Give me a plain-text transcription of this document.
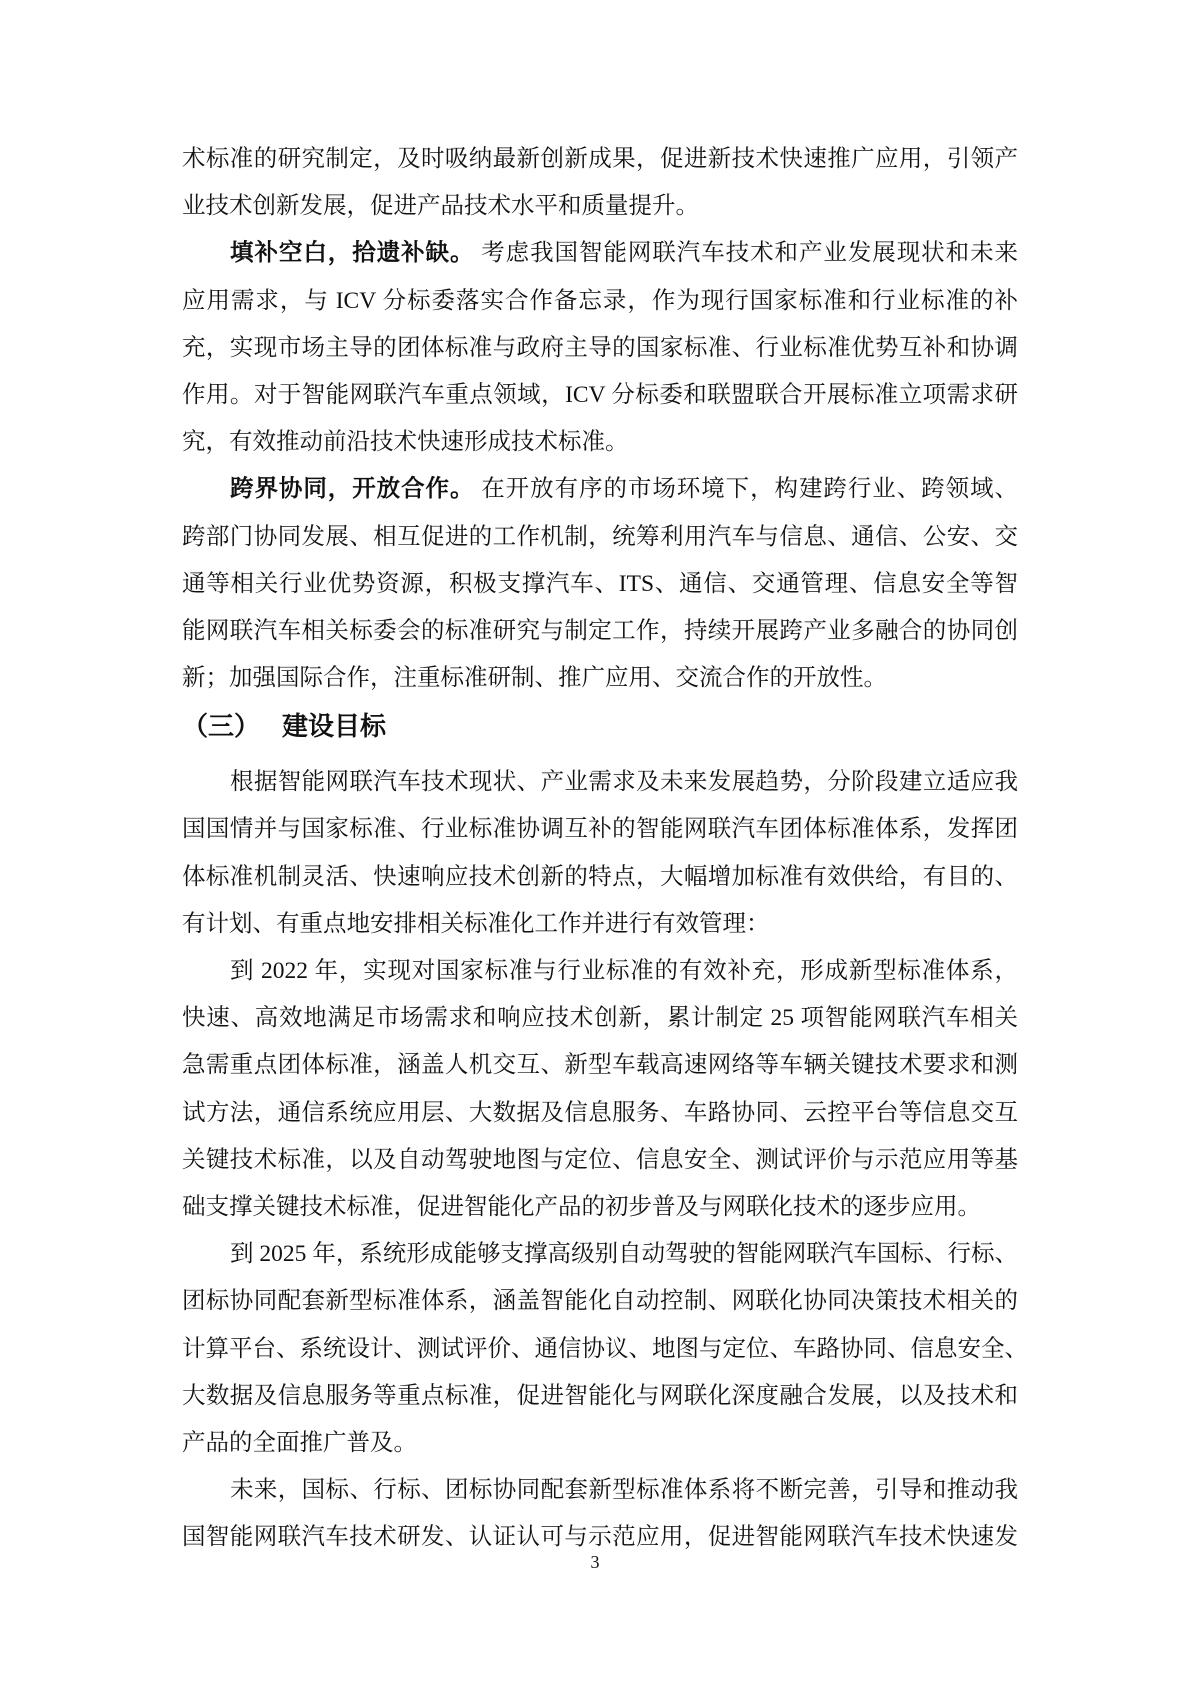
术标准的研究制定，及时吸纳最新创新成果，促进新技术快速推广应用，引领产
业技术创新发展，促进产品技术水平和质量提升。
填补空白，拾遗补缺。 考虑我国智能网联汽车技术和产业发展现状和未来
应用需求，与 ICV 分标委落实合作备忘录，作为现行国家标准和行业标准的补
充，实现市场主导的团体标准与政府主导的国家标准、行业标准优势互补和协调
作用。对于智能网联汽车重点领域，ICV 分标委和联盟联合开展标准立项需求研
究，有效推动前沿技术快速形成技术标准。
跨界协同，开放合作。 在开放有序的市场环境下，构建跨行业、跨领域、
跨部门协同发展、相互促进的工作机制，统筹利用汽车与信息、通信、公安、交
通等相关行业优势资源，积极支撑汽车、ITS、通信、交通管理、信息安全等智
能网联汽车相关标委会的标准研究与制定工作，持续开展跨产业多融合的协同创
新；加强国际合作，注重标准研制、推广应用、交流合作的开放性。
（三） 建设目标
根据智能网联汽车技术现状、产业需求及未来发展趋势，分阶段建立适应我
国国情并与国家标准、行业标准协调互补的智能网联汽车团体标准体系，发挥团
体标准机制灵活、快速响应技术创新的特点，大幅增加标准有效供给，有目的、
有计划、有重点地安排相关标准化工作并进行有效管理：
到 2022 年，实现对国家标准与行业标准的有效补充，形成新型标准体系，
快速、高效地满足市场需求和响应技术创新，累计制定 25 项智能网联汽车相关
急需重点团体标准，涵盖人机交互、新型车载高速网络等车辆关键技术要求和测
试方法，通信系统应用层、大数据及信息服务、车路协同、云控平台等信息交互
关键技术标准，以及自动驾驶地图与定位、信息安全、测试评价与示范应用等基
础支撑关键技术标准，促进智能化产品的初步普及与网联化技术的逐步应用。
到 2025 年，系统形成能够支撑高级别自动驾驶的智能网联汽车国标、行标、
团标协同配套新型标准体系，涵盖智能化自动控制、网联化协同决策技术相关的
计算平台、系统设计、测试评价、通信协议、地图与定位、车路协同、信息安全、
大数据及信息服务等重点标准，促进智能化与网联化深度融合发展，以及技术和
产品的全面推广普及。
未来，国标、行标、团标协同配套新型标准体系将不断完善，引导和推动我
国智能网联汽车技术研发、认证认可与示范应用，促进智能网联汽车技术快速发
3
